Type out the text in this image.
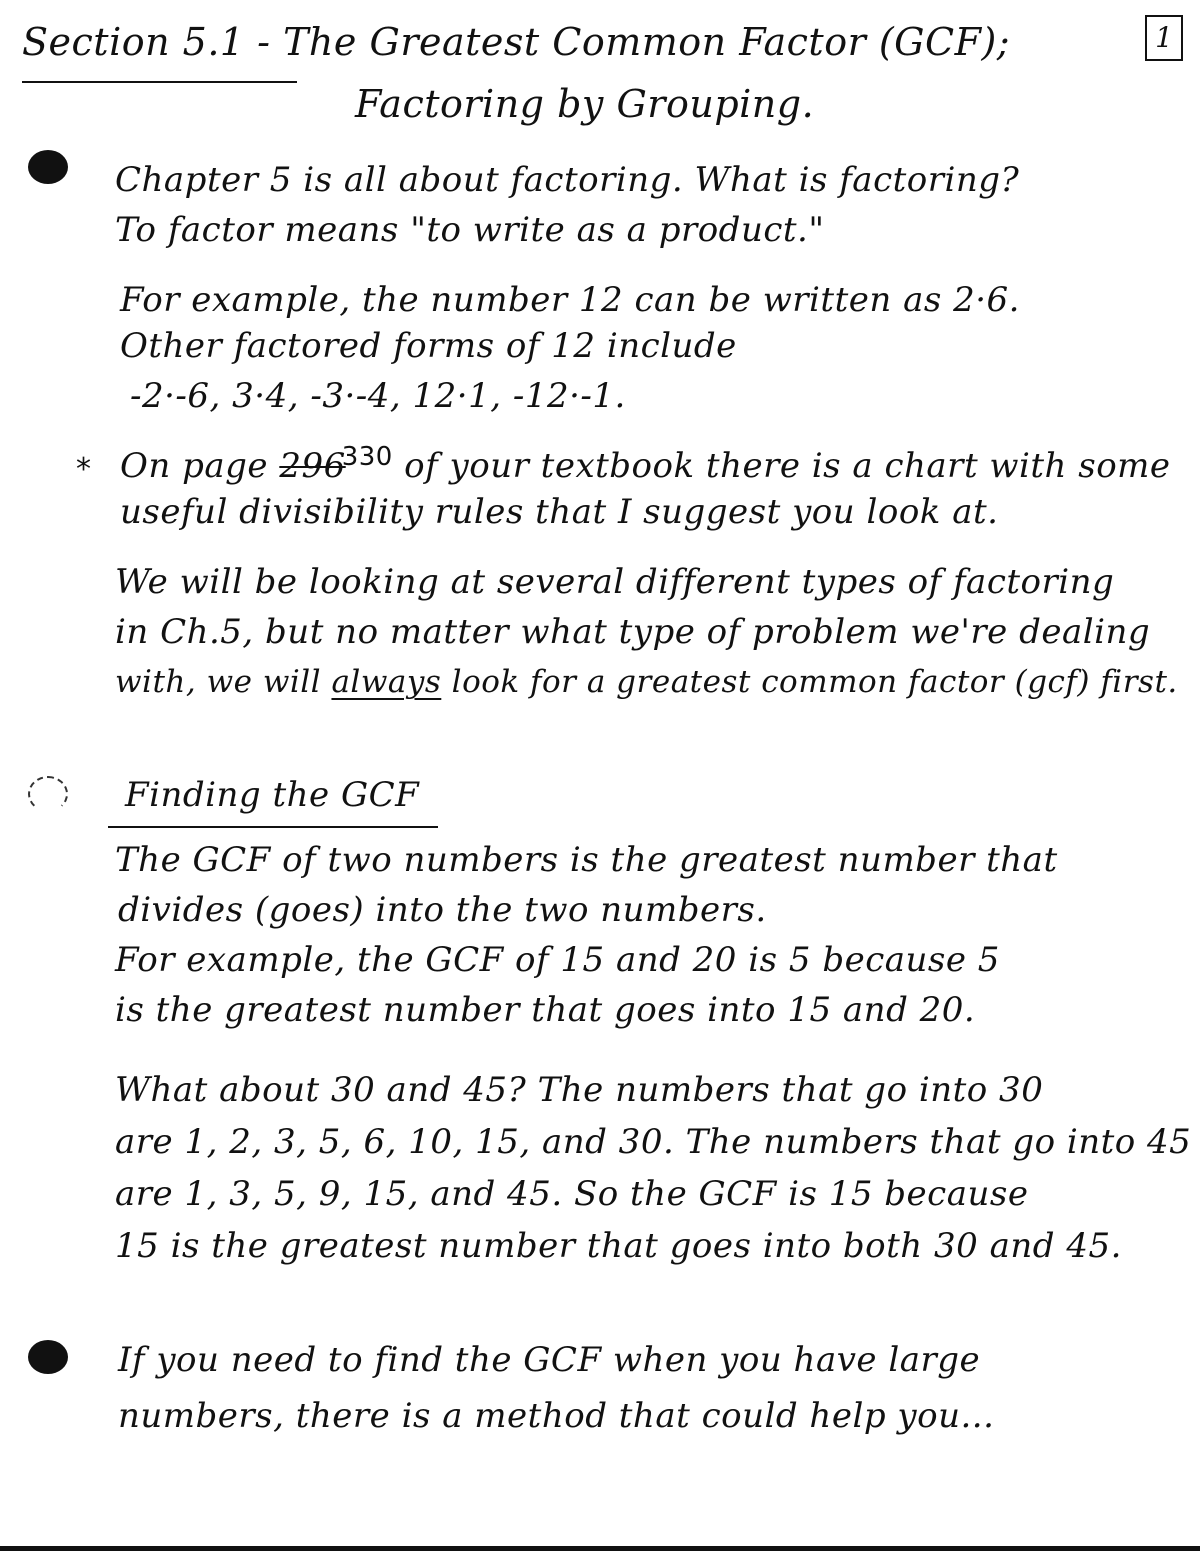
Section 5.1 - The Greatest Common Factor (GCF);
Factoring by Grouping.
1
Chapter 5 is all about factoring. What is factoring?
To factor means "to write as a product."
For example, the number 12 can be written as 2·6.
Other factored forms of 12 include
-2·-6, 3·4, -3·-4, 12·1, -12·-1.
* On page $296^{330}$ of your textbook there is a chart with some
useful divisibility rules that I suggest you look at.
We will be looking at several different types of factoring
in Ch.5, but no matter what type of problem we're dealing
with, we will always look for a greatest common factor (gcf) first.
Finding the GCF
The GCF of two numbers is the greatest number that
divides (goes) into the two numbers.
For example, the GCF of 15 and 20 is 5 because 5
is the greatest number that goes into 15 and 20.
What about 30 and 45? The numbers that go into 30
are 1, 2, 3, 5, 6, 10, 15, and 30. The numbers that go into 45
are 1, 3, 5, 9, 15, and 45. So the GCF is 15 because
15 is the greatest number that goes into both 30 and 45.
If you need to find the GCF when you have large
numbers, there is a method that could help you...
